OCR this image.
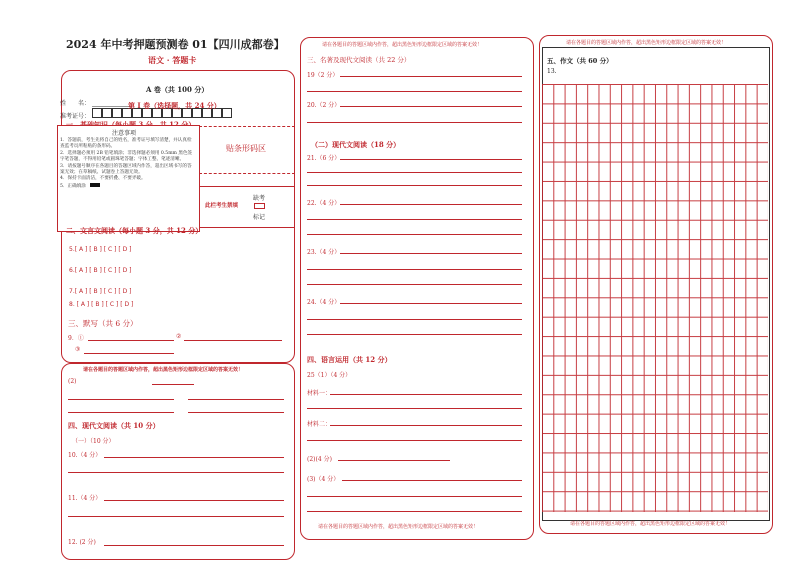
2024 年中考押题预测卷 01【四川成都卷】
语文 · 答题卡
A 卷（共 100 分）
姓　　名：
准考证号：
第 I 卷（选择题，共 24 分）
注意事项
1．答题前，考生先将自己的姓名，准考证号填写清楚，并认真检查监考员所粘贴的条形码。
2．选择题必须用 2B 铅笔填涂；非选择题必须用 0.5mm 黑色签字笔答题，不得用铅笔或圆珠笔答题；字体工整、笔迹清晰。
3．请按题号顺序在各题目的答题区域内作答，超出区域书写的答案无效；在草稿纸、试题卷上答题无效。
4．保持卡面清洁，不要折叠、不要弄破。
5．正确填涂
贴条形码区
此栏考生禁填
缺考
标记
二、文言文阅读（每小题 3 分，共 12 分）
5.[ A ] [ B ] [ C ] [ D ]
6.[ A ] [ B ] [ C ] [ D ]
7.[ A ] [ B ] [ C ] [ D ]
8. [ A ] [ B ] [ C ] [ D ]
三、默写（共 6 分）
9．①	②
③
请在各题目的答题区域内作答，超出黑色矩形边框限定区域的答案无效！
(2)
四、现代文阅读（共 10 分）
（一）（10 分）
10.（4 分）
11.（4 分）
12. (2 分)
请在各题目的答题区域内作答，超出黑色矩形边框限定区域的答案无效！
三、名著及现代文阅读（共 22 分）
19（2 分）
20.（2 分）
（二）现代文阅读（18 分）
21.（6 分）
22.（4 分）
23.（4 分）
24.（4 分）
四、语言运用（共 12 分）
25（1）（4 分）
材料一：
材料二：
(2)(4 分)
(3)（4 分）
请在各题目的答题区域内作答，超出黑色矩形边框限定区域的答案无效！
请在各题目的答题区域内作答，超出黑色矩形边框限定区域的答案无效！
五、作文（共 60 分）
13.
请在各题目的答题区域内作答，超出黑色矩形边框限定区域的答案无效！
